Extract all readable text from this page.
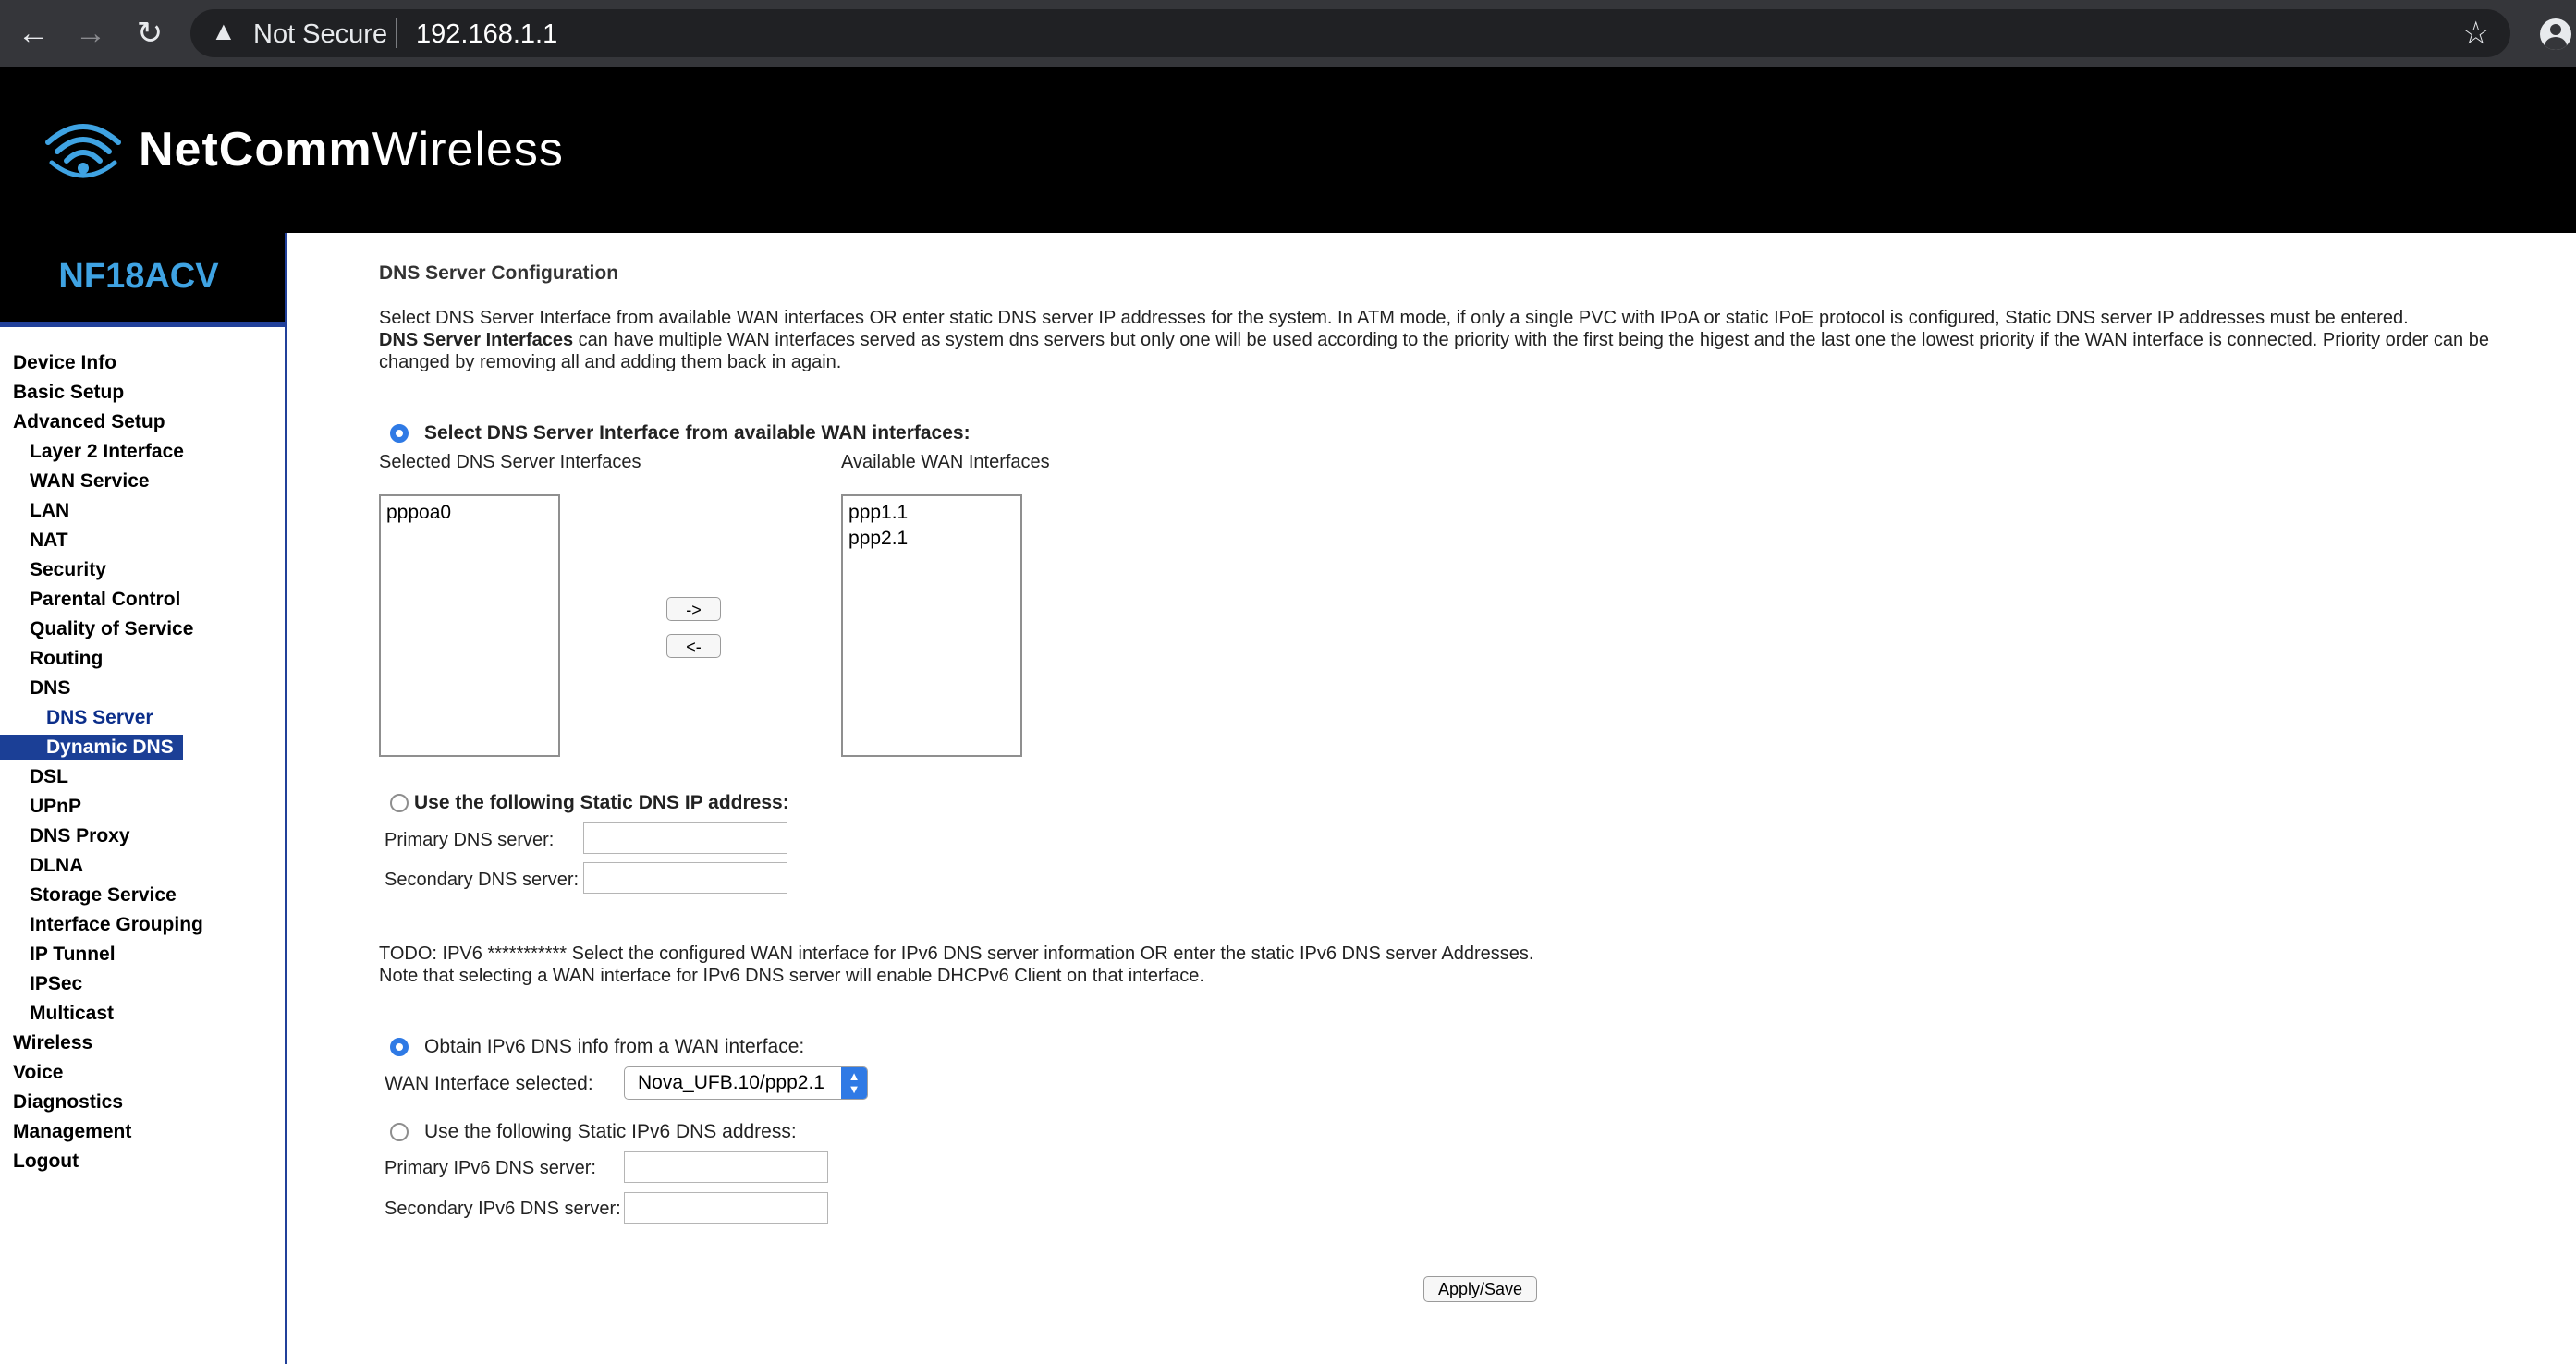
← → ↻ ▲ Not Secure 192.168.1.1	☆
NetCommWireless
NF18ACV
Device Info
Basic Setup
Advanced Setup
Layer 2 Interface
WAN Service
LAN
NAT
Security
Parental Control
Quality of Service
Routing
DNS
DNS Server
Dynamic DNS
DSL
UPnP
DNS Proxy
DLNA
Storage Service
Interface Grouping
IP Tunnel
IPSec
Multicast
Wireless
Voice
Diagnostics
Management
Logout
DNS Server Configuration
Select DNS Server Interface from available WAN interfaces OR enter static DNS server IP addresses for the system. In ATM mode, if only a single PVC with IPoA or static IPoE protocol is configured, Static DNS server IP addresses must be entered.
DNS Server Interfaces can have multiple WAN interfaces served as system dns servers but only one will be used according to the priority with the first being the higest and the last one the lowest priority if the WAN interface is connected. Priority order can be
changed by removing all and adding them back in again.
Select DNS Server Interface from available WAN interfaces:
Selected DNS Server Interfaces	Available WAN Interfaces
pppoa0	ppp1.1
ppp2.1
->
<-
Use the following Static DNS IP address:
Primary DNS server:
Secondary DNS server:
TODO: IPV6 *********** Select the configured WAN interface for IPv6 DNS server information OR enter the static IPv6 DNS server Addresses.
Note that selecting a WAN interface for IPv6 DNS server will enable DHCPv6 Client on that interface.
Obtain IPv6 DNS info from a WAN interface:
WAN Interface selected: Nova_UFB.10/ppp2.1	▲
▼
Use the following Static IPv6 DNS address:
Primary IPv6 DNS server:
Secondary IPv6 DNS server:
Apply/Save
